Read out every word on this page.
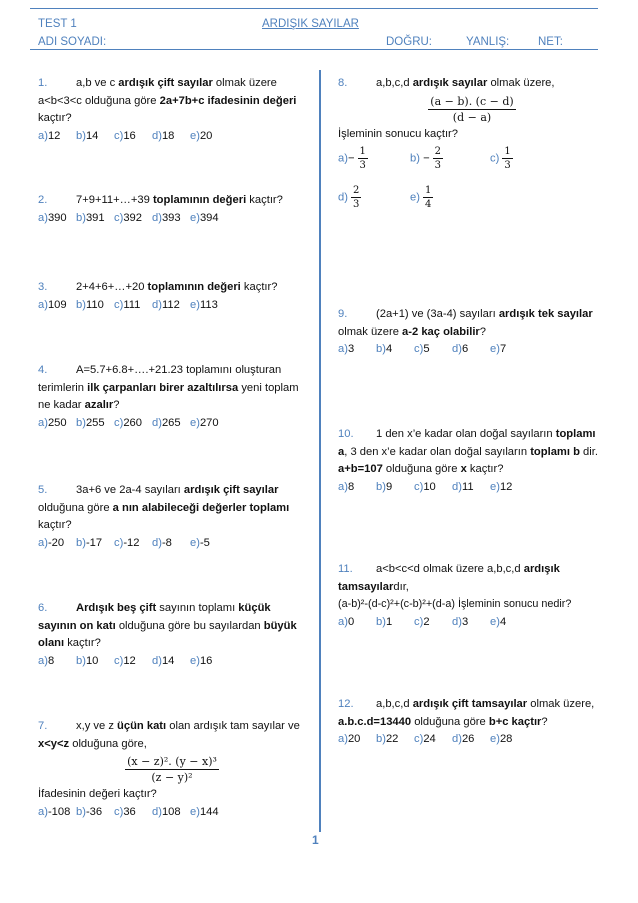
TEST 1	ARDIŞIK SAYILAR
ADI SOYADI:	DOĞRU:	YANLIŞ:	NET:
1.	a,b ve c ardışık çift sayılar olmak üzere a<b<3<c olduğuna göre 2a+7b+c ifadesinin değeri kaçtır?
a)12	b)14	c)16	d)18	e)20
2.	7+9+11+…+39 toplamının değeri kaçtır?
a)390 b)391 c)392 d)393 e)394
3.	2+4+6+…+20 toplamının değeri kaçtır?
a)109 b)110 c)111	d)112 e)113
4.	A=5.7+6.8+….+21.23 toplamını oluşturan terimlerin ilk çarpanları birer azaltılırsa yeni toplam ne kadar azalır?
a)250 b)255 c)260 d)265 e)270
5.	3a+6 ve 2a-4 sayıları ardışık çift sayılar olduğuna göre a nın alabileceği değerler toplamı kaçtır?
a)-20	b)-17	c)-12	d)-8	e)-5
6.	Ardışık beş çift sayının toplamı küçük sayının on katı olduğuna göre bu sayılardan büyük olanı kaçtır?
a)8	b)10	c)12	d)14	e)16
7.	x,y ve z üçün katı olan ardışık tam sayılar ve x<y<z olduğuna göre,
$\frac{\text{(x − z)². (y − x)³}}{\text{(z − y)²}}$
İfadesinin değeri kaçtır?
a)-108 b)-36	c)36	d)108 e)144
8.	a,b,c,d ardışık sayılar olmak üzere,
$\frac{(a - b). (c - d)}{(d - a)}$
İşleminin sonucu kaçtır?
$a)- \frac{1}{3}$	$b) - \frac{2}{3}$	$c) \frac{1}{3}$
$d) \frac{2}{3}$	$e) \frac{1}{4}$
9.	(2a+1) ve (3a-4) sayıları ardışık tek sayılar olmak üzere a-2 kaç olabilir?
a)3	b)4	c)5	d)6	e)7
10. 1 den x’e kadar olan doğal sayıların toplamı a, 3 den x’e kadar olan doğal sayıların toplamı b dir. a+b=107 olduğuna göre x kaçtır?
a)8	b)9	c)10	d)11	e)12
11. a<b<c<d olmak üzere a,b,c,d ardışık tamsayılardır,
(a-b)²-(d-c)²+(c-b)²+(d-a) İşleminin sonucu nedir?
a)0	b)1	c)2	d)3	e)4
12. a,b,c,d ardışık çift tamsayılar olmak üzere, a.b.c.d=13440 olduğuna göre b+c kaçtır?
a)20	b)22	c)24	d)26	e)28
1
